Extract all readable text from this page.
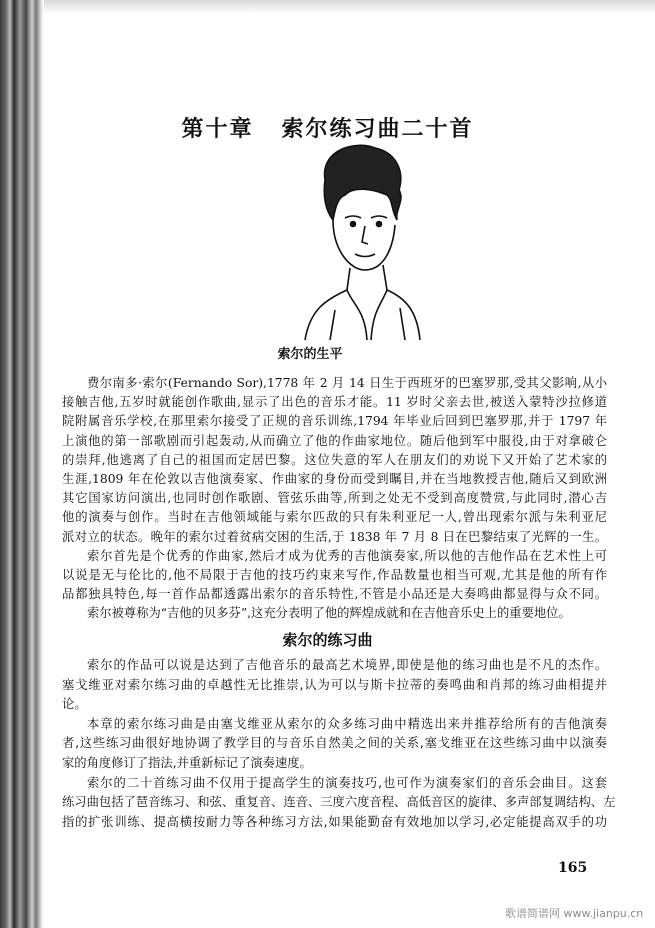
第十章 索尔练习曲二十首
索尔的生平
费尔南多·索尔(Fernando Sor),1778 年 2 月 14 日生于西班牙的巴塞罗那,受其父影响,从小
接触吉他,五岁时就能创作歌曲,显示了出色的音乐才能。11 岁时父亲去世,被送入蒙特沙拉修道
院附属音乐学校,在那里索尔接受了正规的音乐训练,1794 年毕业后回到巴塞罗那,并于 1797 年
上演他的第一部歌剧而引起轰动,从而确立了他的作曲家地位。随后他到军中服役,由于对拿破仑
的崇拜,他逃离了自己的祖国而定居巴黎。这位失意的军人在朋友们的劝说下又开始了艺术家的
生涯,1809 年在伦敦以吉他演奏家、作曲家的身份而受到瞩目,并在当地教授吉他,随后又到欧洲
其它国家访问演出,也同时创作歌剧、管弦乐曲等,所到之处无不受到高度赞赏,与此同时,潜心吉
他的演奏与创作。当时在吉他领域能与索尔匹敌的只有朱利亚尼一人,曾出现索尔派与朱利亚尼
派对立的状态。晚年的索尔过着贫病交困的生活,于 1838 年 7 月 8 日在巴黎结束了光辉的一生。
索尔首先是个优秀的作曲家,然后才成为优秀的吉他演奏家,所以他的吉他作品在艺术性上可
以说是无与伦比的,他不局限于吉他的技巧约束来写作,作品数量也相当可观,尤其是他的所有作
品都独具特色,每一首作品都透露出索尔的音乐特性,不管是小品还是大奏鸣曲都显得与众不同。
索尔被尊称为“吉他的贝多芬”,这充分表明了他的辉煌成就和在吉他音乐史上的重要地位。
索尔的练习曲
索尔的作品可以说是达到了吉他音乐的最高艺术境界,即使是他的练习曲也是不凡的杰作。
塞戈维亚对索尔练习曲的卓越性无比推崇,认为可以与斯卡拉蒂的奏鸣曲和肖邦的练习曲相提并
论。
本章的索尔练习曲是由塞戈维亚从索尔的众多练习曲中精选出来并推荐给所有的吉他演奏
者,这些练习曲很好地协调了教学目的与音乐自然美之间的关系,塞戈维亚在这些练习曲中以演奏
家的角度修订了指法,并重新标记了演奏速度。
索尔的二十首练习曲不仅用于提高学生的演奏技巧,也可作为演奏家们的音乐会曲目。这套
练习曲包括了琶音练习、和弦、重复音、连音、三度六度音程、高低音区的旋律、多声部复调结构、左
指的扩张训练、提高横按耐力等各种练习方法,如果能勤奋有效地加以学习,必定能提高双手的功
165
歌谱简谱网 www.jianpu.cn
